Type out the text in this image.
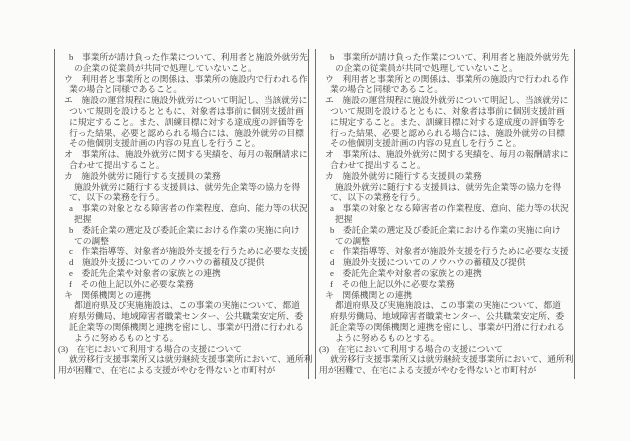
b　事業所が請け負った作業について、利用者と施設外就労先
の企業の従業員が共同で処理していないこと。
ウ　利用者と事業所との関係は、事業所の施設内で行われる作
業の場合と同様であること。
エ　施設の運営規程に施設外就労について明記し、当該就労に
ついて規則を設けるとともに、対象者は事前に個別支援計画
に規定すること。また、訓練目標に対する達成度の評価等を
行った結果、必要と認められる場合には、施設外就労の目標
その他個別支援計画の内容の見直しを行うこと。
オ　事業所は、施設外就労に関する実績を、毎月の報酬請求に
合わせて提出すること。
カ　施設外就労に随行する支援員の業務
施設外就労に随行する支援員は、就労先企業等の協力を得
て、以下の業務を行う。
a　事業の対象となる障害者の作業程度、意向、能力等の状況
把握
b　委託企業の選定及び委託企業における作業の実施に向け
ての調整
c　作業指導等、対象者が施設外支援を行うために必要な支援
d　施設外支援についてのノウハウの蓄積及び提供
e　委託先企業や対象者の家族との連携
f　その他上記以外に必要な業務
キ　関係機関との連携
都道府県及び実施施設は、この事業の実施について、都道
府県労働局、地域障害者職業センター、公共職業安定所、委
託企業等の関係機関と連携を密にし、事業が円滑に行われる
ように努めるものとする。
(3)　在宅において利用する場合の支援について
就労移行支援事業所又は就労継続支援事業所において、通所利
用が困難で、在宅による支援がやむを得ないと市町村が
b　事業所が請け負った作業について、利用者と施設外就労先
の企業の従業員が共同で処理していないこと。
ウ　利用者と事業所との関係は、事業所の施設内で行われる作
業の場合と同様であること。
エ　施設の運営規程に施設外就労について明記し、当該就労に
ついて規則を設けるとともに、対象者は事前に個別支援計画
に規定すること。また、訓練目標に対する達成度の評価等を
行った結果、必要と認められる場合には、施設外就労の目標
その他個別支援計画の内容の見直しを行うこと。
オ　事業所は、施設外就労に関する実績を、毎月の報酬請求に
合わせて提出すること。
カ　施設外就労に随行する支援員の業務
施設外就労に随行する支援員は、就労先企業等の協力を得
て、以下の業務を行う。
a　事業の対象となる障害者の作業程度、意向、能力等の状況
把握
b　委託企業の選定及び委託企業における作業の実施に向け
ての調整
c　作業指導等、対象者が施設外支援を行うために必要な支援
d　施設外支援についてのノウハウの蓄積及び提供
e　委託先企業や対象者の家族との連携
f　その他上記以外に必要な業務
キ　関係機関との連携
都道府県及び実施施設は、この事業の実施について、都道
府県労働局、地域障害者職業センター、公共職業安定所、委
託企業等の関係機関と連携を密にし、事業が円滑に行われる
ように努めるものとする。
(3)　在宅において利用する場合の支援について
就労移行支援事業所又は就労継続支援事業所において、通所利
用が困難で、在宅による支援がやむを得ないと市町村が
